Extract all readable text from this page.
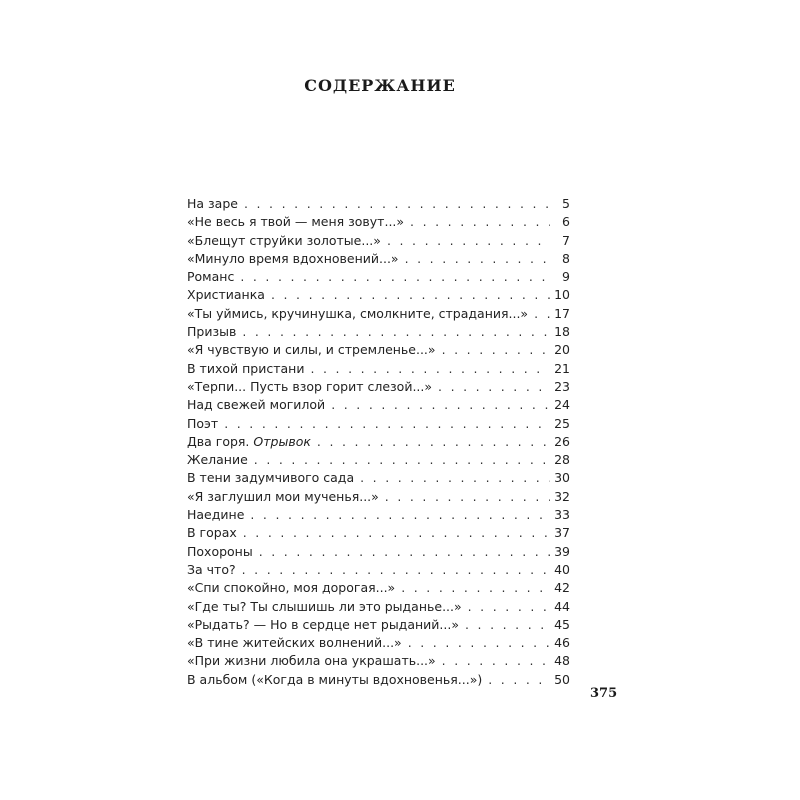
СОДЕРЖАНИЕ
На заре . . .	5
«Не весь я твой — меня зовут...» . . .	6
«Блещут струйки золотые...» . . .	7
«Минуло время вдохновений...» . . .	8
Романс . . .	9
Христианка . . .	10
«Ты уймись, кручинушка, смолкните, страдания...» . . . 17
Призыв . . .	18
«Я чувствую и силы, и стремленье...» . . .	20
В тихой пристани . . .	21
«Терпи... Пусть взор горит слезой...» . . .	23
Над свежей могилой . . .	24
Поэт . . .	25
Два горя. Отрывок . . .	26
Желание . . .	28
В тени задумчивого сада . . .	30
«Я заглушил мои мученья...» . . .	32
Наедине . . .	33
В горах . . .	37
Похороны . . .	39
За что? . . .	40
«Спи спокойно, моя дорогая...» . . .	42
«Где ты? Ты слышишь ли это рыданье...» . . .	44
«Рыдать? — Но в сердце нет рыданий...» . . .	45
«В тине житейских волнений...» . . .	46
«При жизни любила она украшать...» . . .	48
В альбом («Когда в минуты вдохновенья...») . . .	50
375
